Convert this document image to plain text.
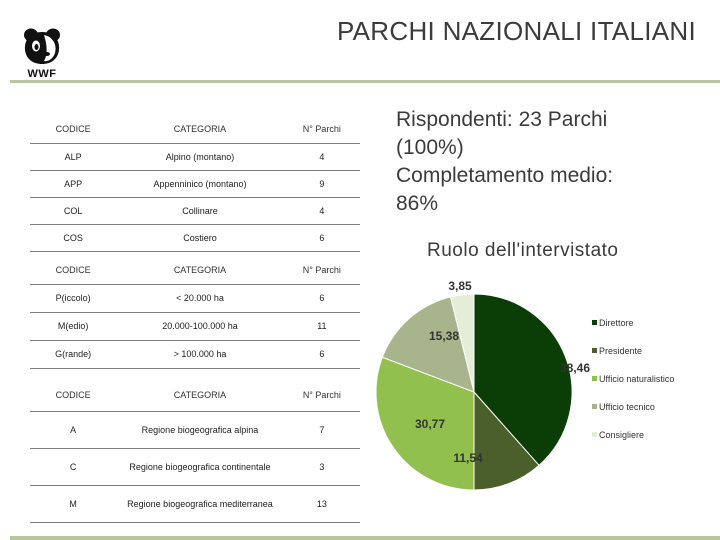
PARCHI NAZIONALI ITALIANI
WWF
CODICE	CATEGORIA	N° Parchi
ALP	Alpino (montano)	4
APP	Appenninico (montano)	9
COL	Collinare	4
COS	Costiero	6
CODICE	CATEGORIA	N° Parchi
P(iccolo)	< 20.000 ha	6
M(edio)	20.000-100.000 ha	11
G(rande)	> 100.000 ha	6
CODICE	CATEGORIA	N° Parchi
A	Regione biogeografica alpina	7
C	Regione biogeografica continentale	3
M	Regione biogeografica mediterranea	13
Rispondenti: 23 Parchi
(100%)
Completamento medio:
86%
Ruolo dell'intervistato
38,46
11,54
30,77
15,38
3,85
Direttore
Presidente
Ufficio naturalistico
Ufficio tecnico
Consigliere
